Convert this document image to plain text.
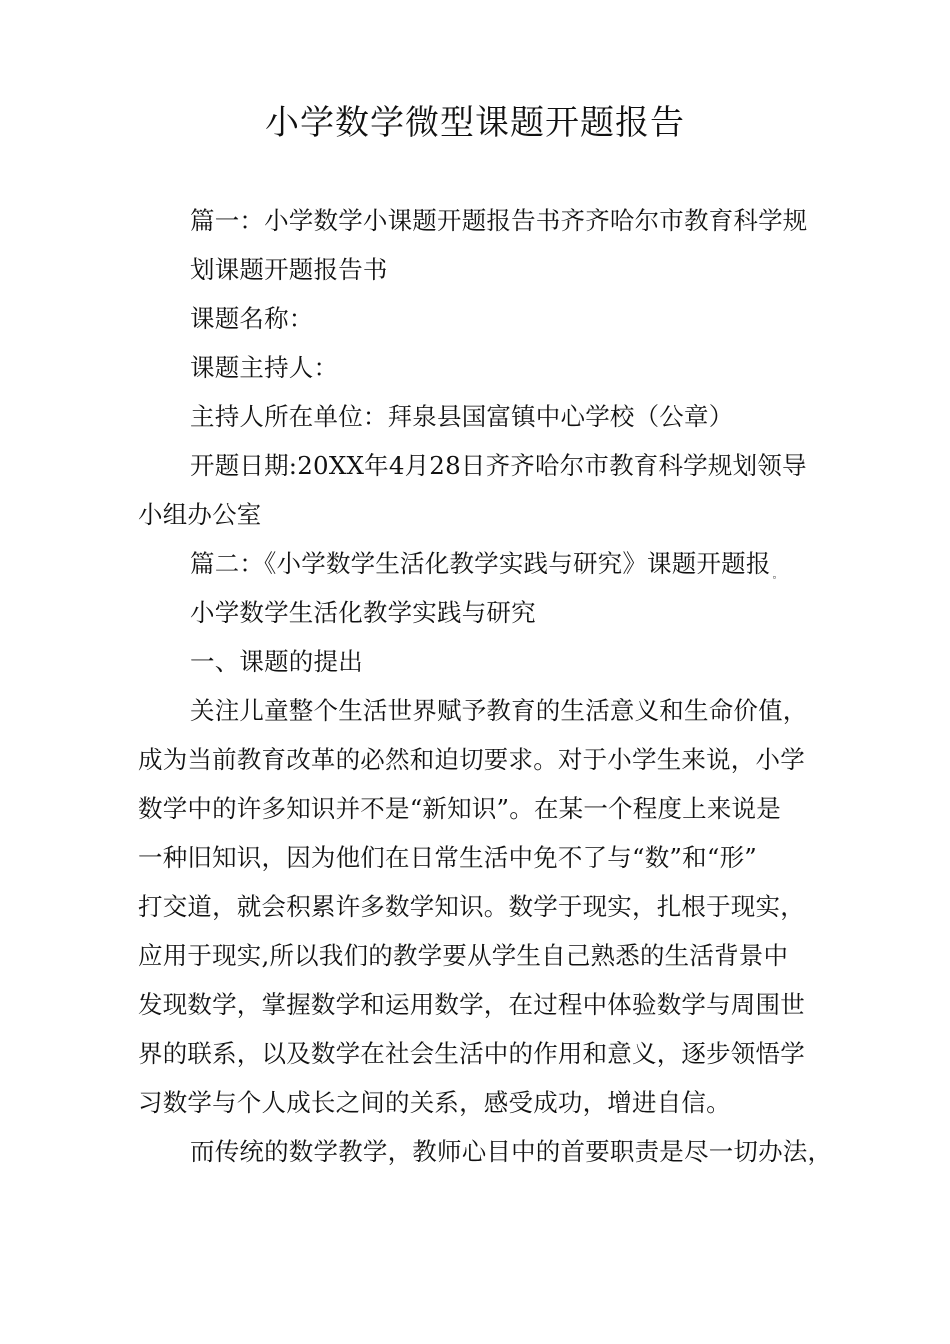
小学数学微型课题开题报告
篇一：小学数学小课题开题报告书齐齐哈尔市教育科学规
划课题开题报告书
课题名称：
课题主持人：
主持人所在单位：拜泉县国富镇中心学校（公章）
开题日期:20XX年4月28日齐齐哈尔市教育科学规划领导
小组办公室
篇二：《小学数学生活化教学实践与研究》课题开题报 $_。$
小学数学生活化教学实践与研究
一、课题的提出
关注儿童整个生活世界赋予教育的生活意义和生命价值，
成为当前教育改革的必然和迫切要求。对于小学生来说，小学
数学中的许多知识并不是“新知识”。在某一个程度上来说是
一种旧知识，因为他们在日常生活中免不了与“数”和“形”
打交道，就会积累许多数学知识。数学于现实，扎根于现实，
应用于现实,所以我们的教学要从学生自己熟悉的生活背景中
发现数学，掌握数学和运用数学，在过程中体验数学与周围世
界的联系，以及数学在社会生活中的作用和意义，逐步领悟学
习数学与个人成长之间的关系，感受成功，增进自信。
而传统的数学教学，教师心目中的首要职责是尽一切办法，
